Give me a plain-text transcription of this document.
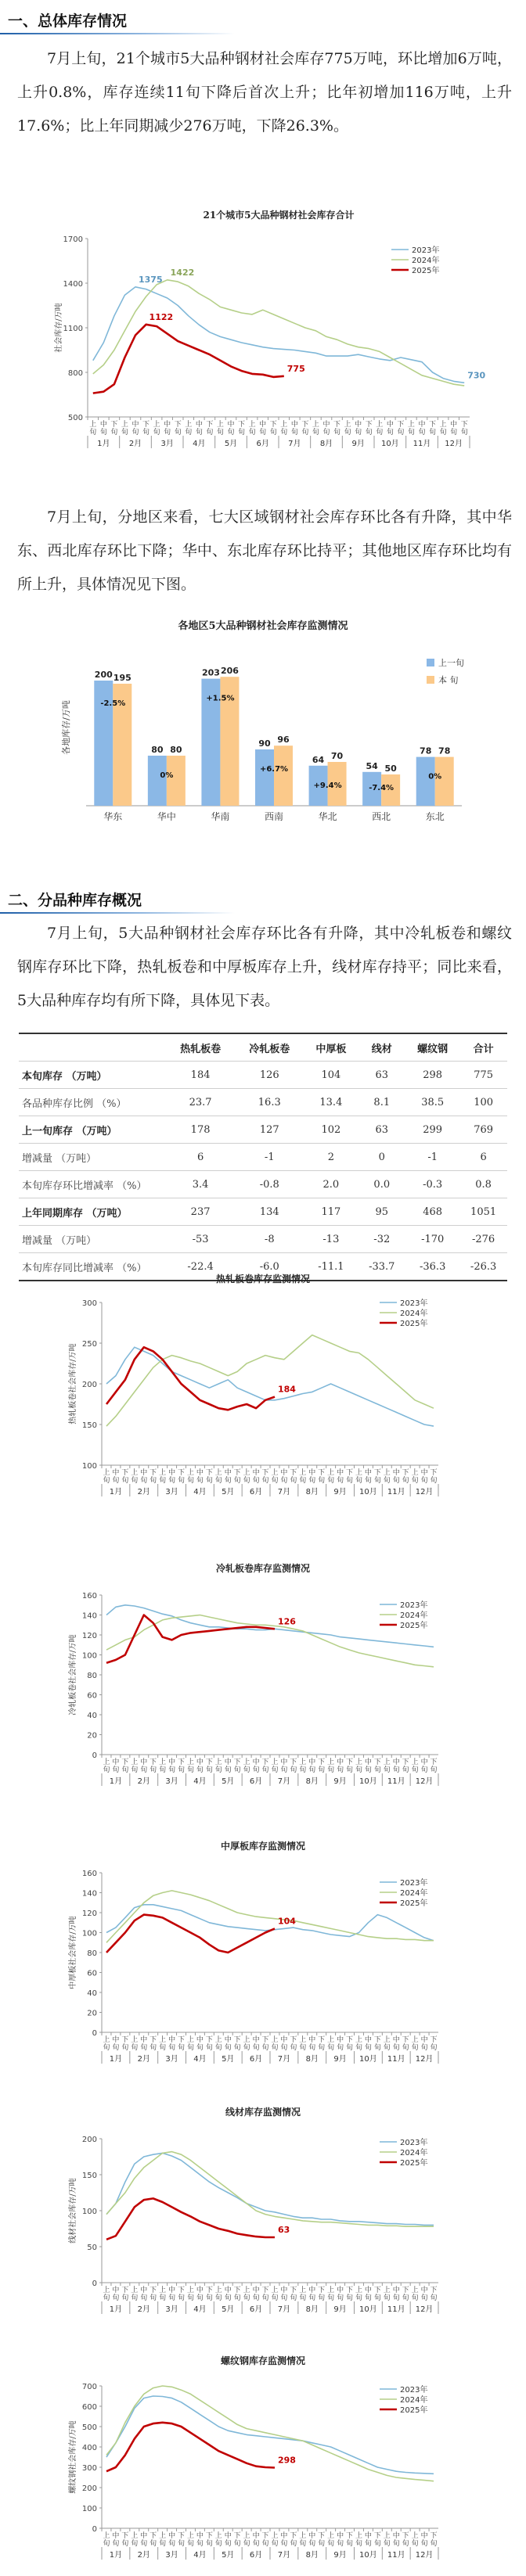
一、总体库存情况

7月上旬，21个城市5大品种钢材社会库存775万吨，环比增加6万吨，上升0.8%，库存连续11旬下降后首次上升；比年初增加116万吨，上升17.6%；比上年同期减少276万吨，下降26.3%。

21个城市5大品种钢材社会库存合计
500
800
1100
1400
1700
社会库存/万吨
上旬
中旬
下旬
上旬
中旬
下旬
上旬
中旬
下旬
上旬
中旬
下旬
上旬
中旬
下旬
上旬
中旬
下旬
上旬
中旬
下旬
上旬
中旬
下旬
上旬
中旬
下旬
上旬
中旬
下旬
上旬
中旬
下旬
上旬
中旬
下旬
1月 2月 3月 4月 5月 6月 7月 8月 9月 10月 11月 12月
1375
1422
1122
775
730
2023年
2024年
2025年

7月上旬，分地区来看，七大区域钢材社会库存环比各有升降，其中华东、西北库存环比下降；华中、东北库存环比持平；其他地区库存环比均有所上升，具体情况见下图。

各地区5大品种钢材社会库存监测情况
各地库存/万吨
200 195
-2.5%
华东
80 80
0%
华中
203 206
+1.5%
华南
90 96
+6.7%
西南
64 70
+9.4%
华北
54 50
-7.4%
西北
78 78
0%
东北
上一旬
本 旬
二、分品种库存概况

7月上旬，5大品种钢材社会库存环比各有升降，其中冷轧板卷和螺纹钢库存环比下降，热轧板卷和中厚板库存上升，线材库存持平；同比来看，5大品种库存均有所下降，具体见下表。

	热轧板卷	冷轧板卷	中厚板	线材	螺纹钢	合计
本旬库存 （万吨）	184	126	104	63	298	775
各品种库存比例 （%）	23.7	16.3	13.4	8.1	38.5	100
上一旬库存 （万吨）	178	127	102	63	299	769
增减量 （万吨）	6	-1	2	0	-1	6
本旬库存环比增减率 （%）	3.4	-0.8	2.0	0.0	-0.3	0.8
上年同期库存 （万吨）	237	134	117	95	468	1051
增减量 （万吨）	-53	-8	-13	-32	-170	-276
本旬库存同比增减率 （%）	-22.4	-6.0	-11.1	-33.7	-36.3	-26.3
热轧板卷库存监测情况
100
150
200
250
300
热轧板卷社会库存/万吨
上旬
中旬
下旬
上旬
中旬
下旬
上旬
中旬
下旬
上旬
中旬
下旬
上旬
中旬
下旬
上旬
中旬
下旬
上旬
中旬
下旬
上旬
中旬
下旬
上旬
中旬
下旬
上旬
中旬
下旬
上旬
中旬
下旬
上旬
中旬
下旬
1月 2月 3月 4月 5月 6月 7月 8月 9月 10月 11月 12月
184
2023年
2024年
2025年
冷轧板卷库存监测情况
0
20
40
60
80
100
120
140
160
冷轧板卷社会库存/万吨
上旬
中旬
下旬
上旬
中旬
下旬
上旬
中旬
下旬
上旬
中旬
下旬
上旬
中旬
下旬
上旬
中旬
下旬
上旬
中旬
下旬
上旬
中旬
下旬
上旬
中旬
下旬
上旬
中旬
下旬
上旬
中旬
下旬
上旬
中旬
下旬
1月 2月 3月 4月 5月 6月 7月 8月 9月 10月 11月 12月
126
2023年
2024年
2025年
中厚板库存监测情况
0
20
40
60
80
100
120
140
160
中厚板社会库存/万吨
上旬
中旬
下旬
上旬
中旬
下旬
上旬
中旬
下旬
上旬
中旬
下旬
上旬
中旬
下旬
上旬
中旬
下旬
上旬
中旬
下旬
上旬
中旬
下旬
上旬
中旬
下旬
上旬
中旬
下旬
上旬
中旬
下旬
上旬
中旬
下旬
1月 2月 3月 4月 5月 6月 7月 8月 9月 10月 11月 12月
104
2023年
2024年
2025年
线材库存监测情况
0
50
100
150
200
线材社会库存/万吨
上旬
中旬
下旬
上旬
中旬
下旬
上旬
中旬
下旬
上旬
中旬
下旬
上旬
中旬
下旬
上旬
中旬
下旬
上旬
中旬
下旬
上旬
中旬
下旬
上旬
中旬
下旬
上旬
中旬
下旬
上旬
中旬
下旬
上旬
中旬
下旬
1月 2月 3月 4月 5月 6月 7月 8月 9月 10月 11月 12月
63
2023年
2024年
2025年
螺纹钢库存监测情况
0
100
200
300
400
500
600
700
螺纹钢社会库存/万吨
上旬
中旬
下旬
上旬
中旬
下旬
上旬
中旬
下旬
上旬
中旬
下旬
上旬
中旬
下旬
上旬
中旬
下旬
上旬
中旬
下旬
上旬
中旬
下旬
上旬
中旬
下旬
上旬
中旬
下旬
上旬
中旬
下旬
上旬
中旬
下旬
1月 2月 3月 4月 5月 6月 7月 8月 9月 10月 11月 12月
298
2023年
2024年
2025年
